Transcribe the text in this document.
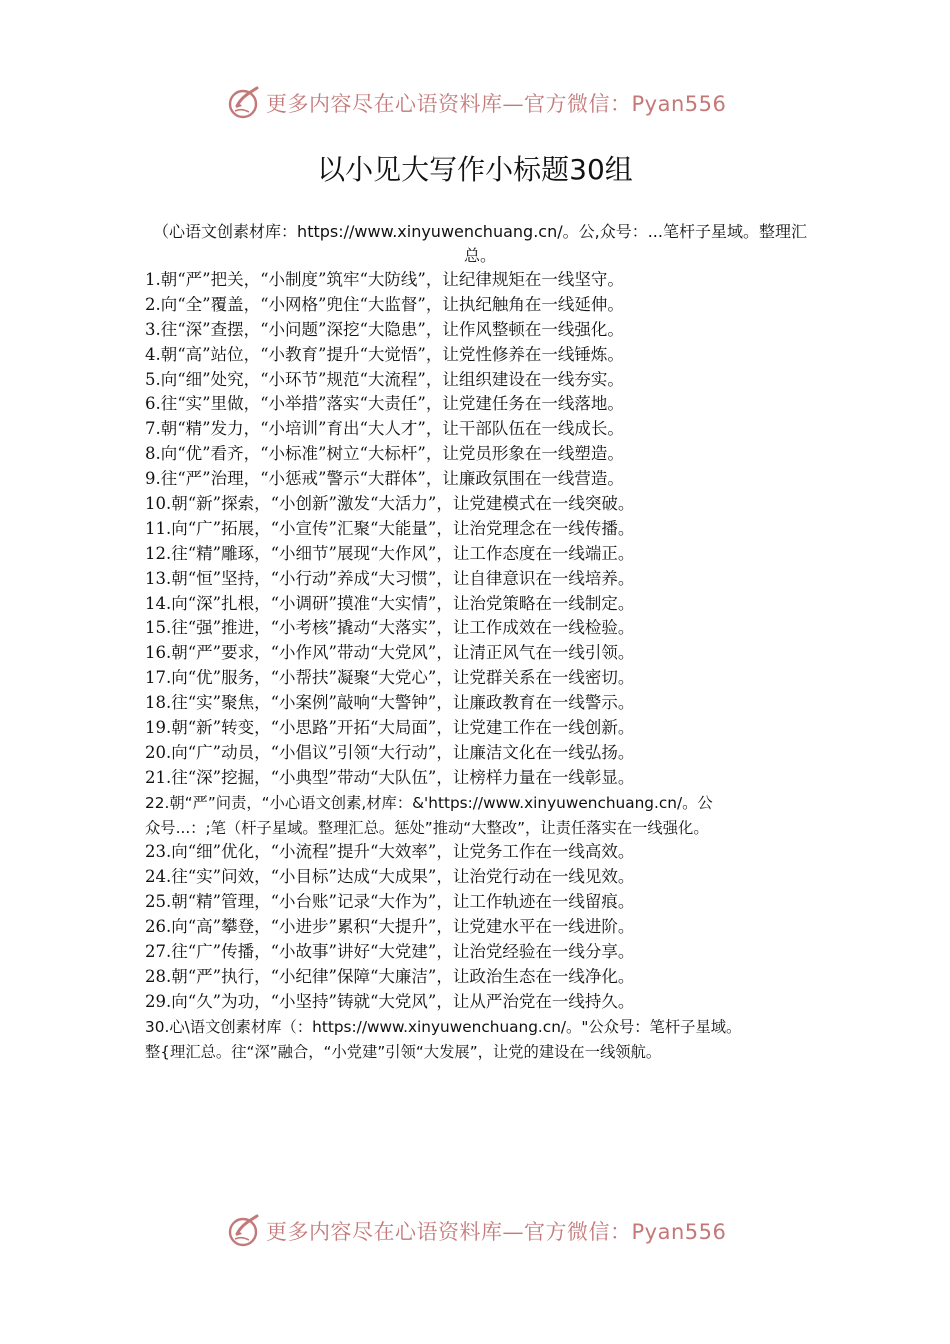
更多内容尽在心语资料库—官方微信：Pyan556
以小见大写作小标题30组
（心语文创素材库：https://www.xinyuwenchuang.cn/。公,众号：...笔杆子星域。整理汇总。
1.朝“严”把关，“小制度”筑牢“大防线”，让纪律规矩在一线坚守。
2.向“全”覆盖，“小网格”兜住“大监督”，让执纪触角在一线延伸。
3.往“深”查摆，“小问题”深挖“大隐患”，让作风整顿在一线强化。
4.朝“高”站位，“小教育”提升“大觉悟”，让党性修养在一线锤炼。
5.向“细”处究，“小环节”规范“大流程”，让组织建设在一线夯实。
6.往“实”里做，“小举措”落实“大责任”，让党建任务在一线落地。
7.朝“精”发力，“小培训”育出“大人才”，让干部队伍在一线成长。
8.向“优”看齐，“小标准”树立“大标杆”，让党员形象在一线塑造。
9.往“严”治理，“小惩戒”警示“大群体”，让廉政氛围在一线营造。
10.朝“新”探索，“小创新”激发“大活力”，让党建模式在一线突破。
11.向“广”拓展，“小宣传”汇聚“大能量”，让治党理念在一线传播。
12.往“精”雕琢，“小细节”展现“大作风”，让工作态度在一线端正。
13.朝“恒”坚持，“小行动”养成“大习惯”，让自律意识在一线培养。
14.向“深”扎根，“小调研”摸准“大实情”，让治党策略在一线制定。
15.往“强”推进，“小考核”撬动“大落实”，让工作成效在一线检验。
16.朝“严”要求，“小作风”带动“大党风”，让清正风气在一线引领。
17.向“优”服务，“小帮扶”凝聚“大党心”，让党群关系在一线密切。
18.往“实”聚焦，“小案例”敲响“大警钟”，让廉政教育在一线警示。
19.朝“新”转变，“小思路”开拓“大局面”，让党建工作在一线创新。
20.向“广”动员，“小倡议”引领“大行动”，让廉洁文化在一线弘扬。
21.往“深”挖掘，“小典型”带动“大队伍”，让榜样力量在一线彰显。
22.朝“严”问责，“小心语文创素,材库：&'https://www.xinyuwenchuang.cn/。公
众号...：;笔（杆子星域。整理汇总。惩处”推动“大整改”，让责任落实在一线强化。
23.向“细”优化，“小流程”提升“大效率”，让党务工作在一线高效。
24.往“实”问效，“小目标”达成“大成果”，让治党行动在一线见效。
25.朝“精”管理，“小台账”记录“大作为”，让工作轨迹在一线留痕。
26.向“高”攀登，“小进步”累积“大提升”，让党建水平在一线进阶。
27.往“广”传播，“小故事”讲好“大党建”，让治党经验在一线分享。
28.朝“严”执行，“小纪律”保障“大廉洁”，让政治生态在一线净化。
29.向“久”为功，“小坚持”铸就“大党风”，让从严治党在一线持久。
30.心\语文创素材库（：https://www.xinyuwenchuang.cn/。"公众号：笔杆子星域。
整{理汇总。往“深”融合，“小党建”引领“大发展”，让党的建设在一线领航。
更多内容尽在心语资料库—官方微信：Pyan556
